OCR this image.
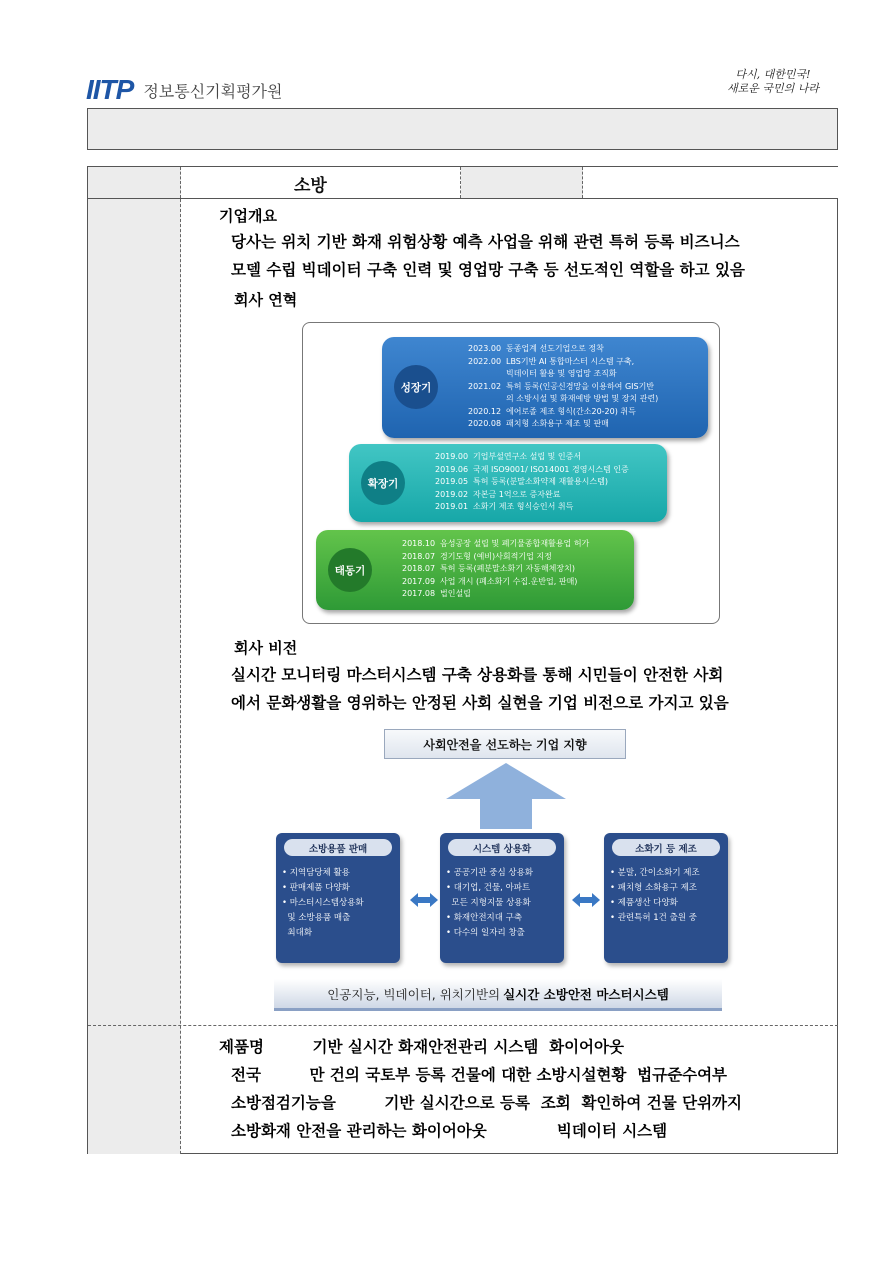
IITP 정보통신기획평가원
다시, 대한민국!
새로운 국민의 나라
소방
기업개요
당사는 위치 기반 화재 위험상황 예측 사업을 위해 관련 특허 등록 비즈니스
모델 수립 빅데이터 구축 인력 및 영업망 구축 등 선도적인 역할을 하고 있음
회사 연혁
성장기
2023.00 동종업계 선도기업으로 정착
2022.00 LBS기반 AI 통합마스터 시스템 구축,
빅데이터 활용 및 영업망 조직화
2021.02 특허 등록(인공신경망을 이용하여 GIS기반
의 소방시설 및 화재예방 방법 및 장치 관련)
2020.12 에어로졸 제조 형식(간소20-20) 취득
2020.08 패치형 소화용구 제조 및 판매
확장기
2019.00 기업부설연구소 설립 및 인증서
2019.06 국제 ISO9001/ ISO14001 경영시스템 인증
2019.05 특허 등록(분말소화약제 재활용시스템)
2019.02 자본금 1억으로 증자완료
2019.01 소화기 제조 형식승인서 취득
태동기
2018.10 음성공장 설립 및 폐기물종합재활용업 허가
2018.07 경기도형 (예비)사회적기업 지정
2018.07 특허 등록(폐분말소화기 자동해체장치)
2017.09 사업 개시 (폐소화기 수집.운반업, 판매)
2017.08 법인설립
회사 비전
실시간 모니터링 마스터시스템 구축 상용화를 통해 시민들이 안전한 사회
에서 문화생활을 영위하는 안정된 사회 실현을 기업 비전으로 가지고 있음
사회안전을 선도하는 기업 지향
소방용품 판매
• 지역담당체 활용
• 판매제품 다양화
• 마스터시스템상용화
및 소방용품 매출
최대화
시스템 상용화
• 공공기관 중심 상용화
• 대기업, 건물, 아파트
모든 지형지물 상용화
• 화재안전지대 구축
• 다수의 일자리 창출
소화기 등 제조
• 분말, 간이소화기 제조
• 패치형 소화용구 제조
• 제품생산 다양화
• 관련특허 1건 출원 중
인공지능, 빅데이터, 위치기반의 실시간 소방안전 마스터시스템
제품명         기반 실시간 화재안전관리 시스템  화이어아웃
전국         만 건의 국토부 등록 건물에 대한 소방시설현황  법규준수여부
소방점검기능을         기반 실시간으로 등록  조회  확인하여 건물 단위까지
소방화재 안전을 관리하는 화이어아웃             빅데이터 시스템
